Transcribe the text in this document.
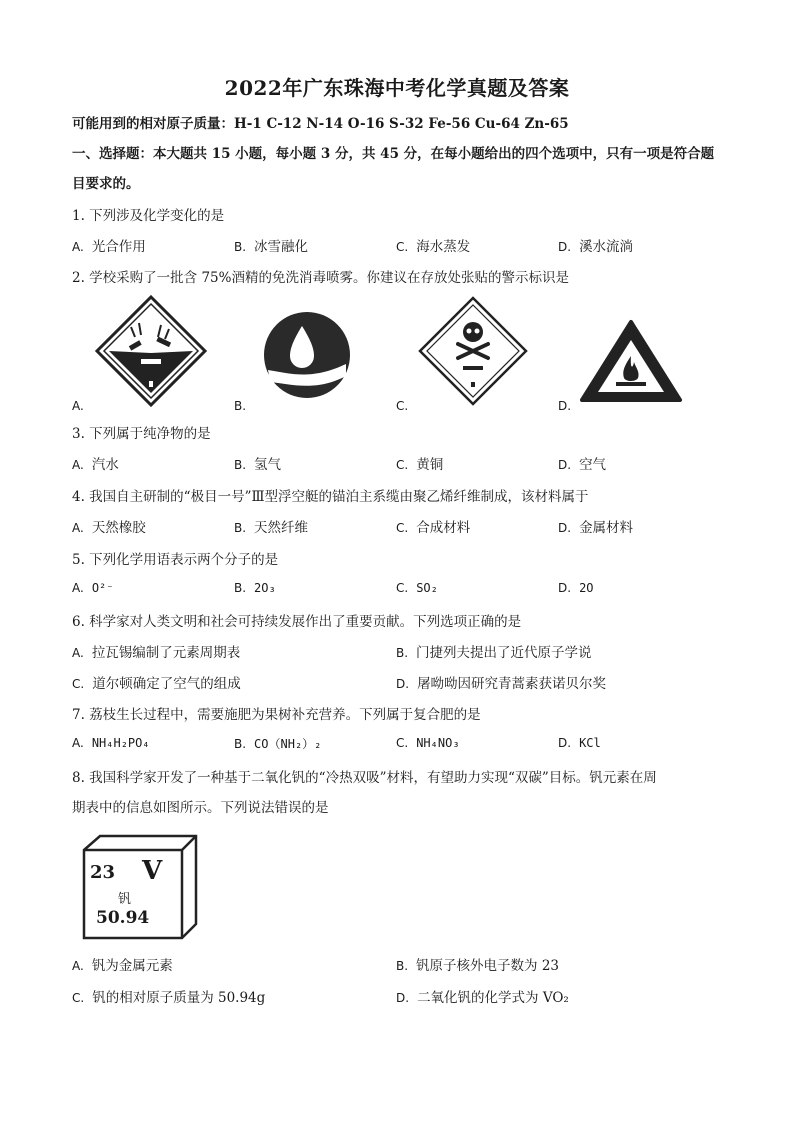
2022年广东珠海中考化学真题及答案
可能用到的相对原子质量：H-1 C-12 N-14 O-16 S-32 Fe-56 Cu-64 Zn-65
一、选择题：本大题共 15 小题，每小题 3 分，共 45 分，在每小题给出的四个选项中，只有一项是符合题
目要求的。
1. 下列涉及化学变化的是
A. 光合作用	B. 冰雪融化	C. 海水蒸发	D. 溪水流淌
2. 学校采购了一批含 75%酒精的免洗消毒喷雾。你建议在存放处张贴的警示标识是
A.	B.	C.	D.
3. 下列属于纯净物的是
A. 汽水	B. 氢气	C. 黄铜	D. 空气
4. 我国自主研制的“极目一号”Ⅲ型浮空艇的锚泊主系缆由聚乙烯纤维制成，该材料属于
A. 天然橡胶	B. 天然纤维	C. 合成材料	D. 金属材料
5. 下列化学用语表示两个分子的是
A. O²⁻	B. 2O₃	C. SO₂	D. 2O
6. 科学家对人类文明和社会可持续发展作出了重要贡献。下列选项正确的是
A. 拉瓦锡编制了元素周期表	B. 门捷列夫提出了近代原子学说
C. 道尔顿确定了空气的组成	D. 屠呦呦因研究青蒿素获诺贝尔奖
7. 荔枝生长过程中，需要施肥为果树补充营养。下列属于复合肥的是
A. NH₄H₂PO₄	B. CO（NH₂）₂	C. NH₄NO₃	D. KCl
8. 我国科学家开发了一种基于二氧化钒的“冷热双吸”材料，有望助力实现“双碳”目标。钒元素在周
期表中的信息如图所示。下列说法错误的是
23 V
钒
50.94
A. 钒为金属元素	B. 钒原子核外电子数为 23
C. 钒的相对原子质量为 50.94g	D. 二氧化钒的化学式为 VO₂
